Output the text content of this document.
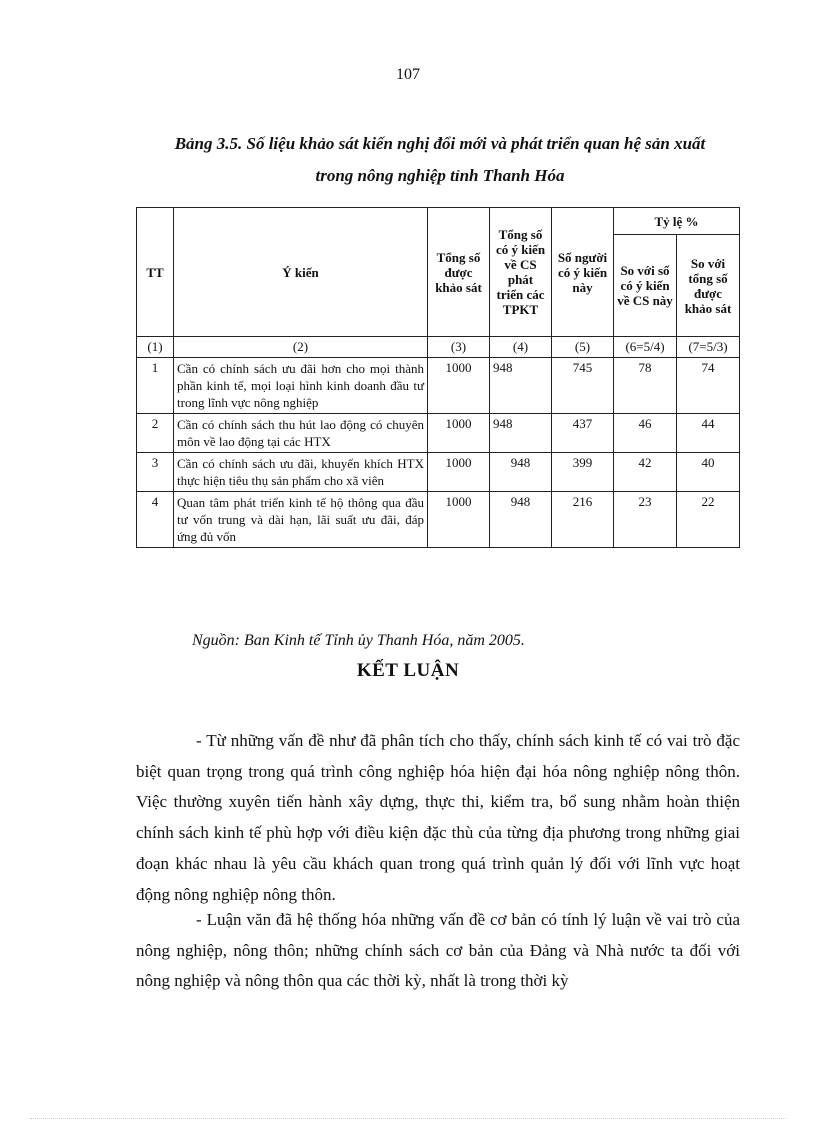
107
Bảng 3.5. Số liệu khảo sát kiến nghị đổi mới và phát triển quan hệ sản xuất
trong nông nghiệp tỉnh Thanh Hóa
TT	Ý kiến	Tổng số được khảo sát	Tổng số có ý kiến về CS phát triển các TPKT	Số người có ý kiến này	Tỷ lệ %	
					So với số có ý kiến về CS này	So với tổng số được khảo sát
(1)	(2)	(3)	(4)	(5)	(6=5/4)	(7=5/3)
1	Cần có chính sách ưu đãi hơn cho mọi thành phần kinh tế, mọi loại hình kinh doanh đầu tư trong lĩnh vực nông nghiệp	1000	948	745	78	74
2	Cần có chính sách thu hút lao động có chuyên môn về lao động tại các HTX	1000	948	437	46	44
3	Cần có chính sách ưu đãi, khuyến khích HTX thực hiện tiêu thụ sản phẩm cho xã viên	1000	948	399	42	40
4	Quan tâm phát triển kinh tế hộ thông qua đầu tư vốn trung và dài hạn, lãi suất ưu đãi, đáp ứng đủ vốn	1000	948	216	23	22
Nguồn: Ban Kinh tế Tỉnh ủy Thanh Hóa, năm 2005.
KẾT LUẬN

- Từ những vấn đề như đã phân tích cho thấy, chính sách kinh tế có vai trò đặc biệt quan trọng trong quá trình công nghiệp hóa hiện đại hóa nông nghiệp nông thôn. Việc thường xuyên tiến hành xây dựng, thực thi, kiểm tra, bổ sung nhằm hoàn thiện chính sách kinh tế phù hợp với điều kiện đặc thù của từng địa phương trong những giai đoạn khác nhau là yêu cầu khách quan trong quá trình quản lý đối với lĩnh vực hoạt động nông nghiệp nông thôn.

- Luận văn đã hệ thống hóa những vấn đề cơ bản có tính lý luận về vai trò của nông nghiệp, nông thôn; những chính sách cơ bản của Đảng và Nhà nước ta đối với nông nghiệp và nông thôn qua các thời kỳ, nhất là trong thời kỳ
